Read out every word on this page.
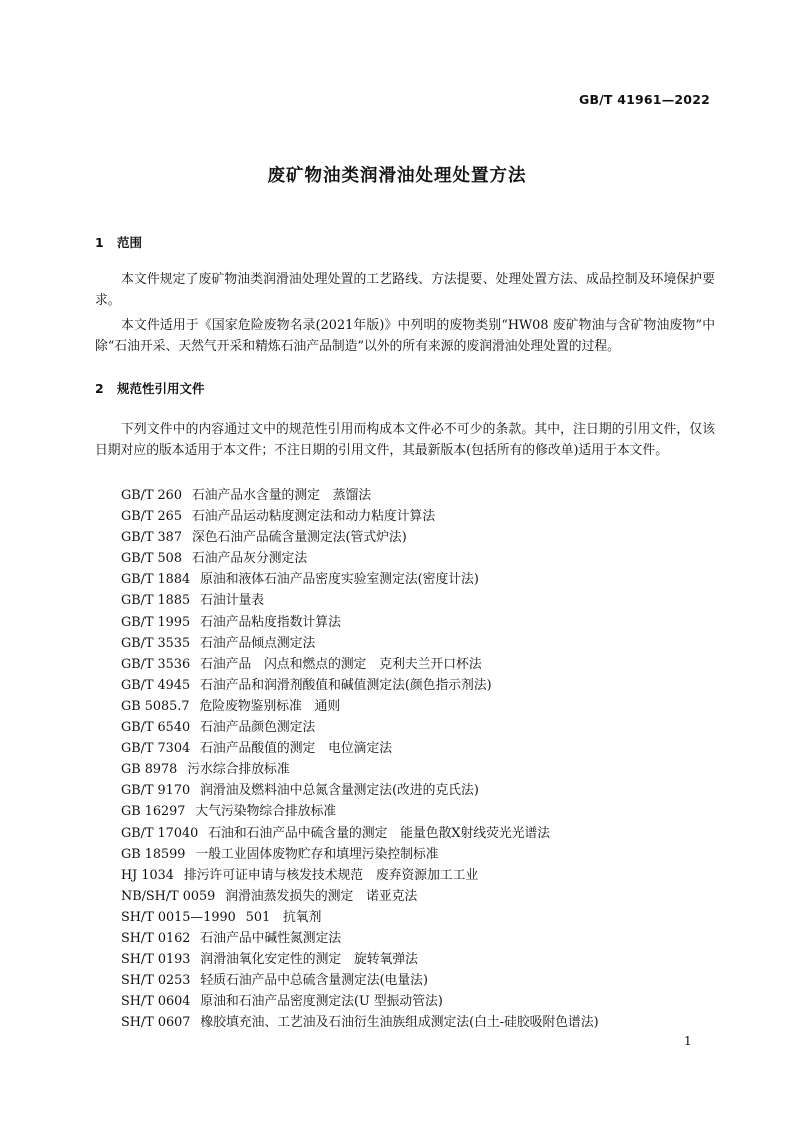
GB/T 41961—2022
废矿物油类润滑油处理处置方法
1 范围
本文件规定了废矿物油类润滑油处理处置的工艺路线、方法提要、处理处置方法、成品控制及环境保护要求。
本文件适用于《国家危险废物名录(2021年版)》中列明的废物类别“HW08 废矿物油与含矿物油废物”中除“石油开采、天然气开采和精炼石油产品制造”以外的所有来源的废润滑油处理处置的过程。
2 规范性引用文件
下列文件中的内容通过文中的规范性引用而构成本文件必不可少的条款。其中，注日期的引用文件，仅该日期对应的版本适用于本文件；不注日期的引用文件，其最新版本(包括所有的修改单)适用于本文件。
GB/T 260 石油产品水含量的测定　蒸馏法
GB/T 265 石油产品运动粘度测定法和动力粘度计算法
GB/T 387 深色石油产品硫含量测定法(管式炉法)
GB/T 508 石油产品灰分测定法
GB/T 1884 原油和液体石油产品密度实验室测定法(密度计法)
GB/T 1885 石油计量表
GB/T 1995 石油产品粘度指数计算法
GB/T 3535 石油产品倾点测定法
GB/T 3536 石油产品　闪点和燃点的测定　克利夫兰开口杯法
GB/T 4945 石油产品和润滑剂酸值和碱值测定法(颜色指示剂法)
GB 5085.7 危险废物鉴别标准　通则
GB/T 6540 石油产品颜色测定法
GB/T 7304 石油产品酸值的测定　电位滴定法
GB 8978 污水综合排放标准
GB/T 9170 润滑油及燃料油中总氮含量测定法(改进的克氏法)
GB 16297 大气污染物综合排放标准
GB/T 17040 石油和石油产品中硫含量的测定　能量色散X射线荧光光谱法
GB 18599 一般工业固体废物贮存和填埋污染控制标准
HJ 1034 排污许可证申请与核发技术规范　废弃资源加工工业
NB/SH/T 0059 润滑油蒸发损失的测定　诺亚克法
SH/T 0015—1990 501　抗氧剂
SH/T 0162 石油产品中碱性氮测定法
SH/T 0193 润滑油氧化安定性的测定　旋转氧弹法
SH/T 0253 轻质石油产品中总硫含量测定法(电量法)
SH/T 0604 原油和石油产品密度测定法(U 型振动管法)
SH/T 0607 橡胶填充油、工艺油及石油衍生油族组成测定法(白土-硅胶吸附色谱法)
1
